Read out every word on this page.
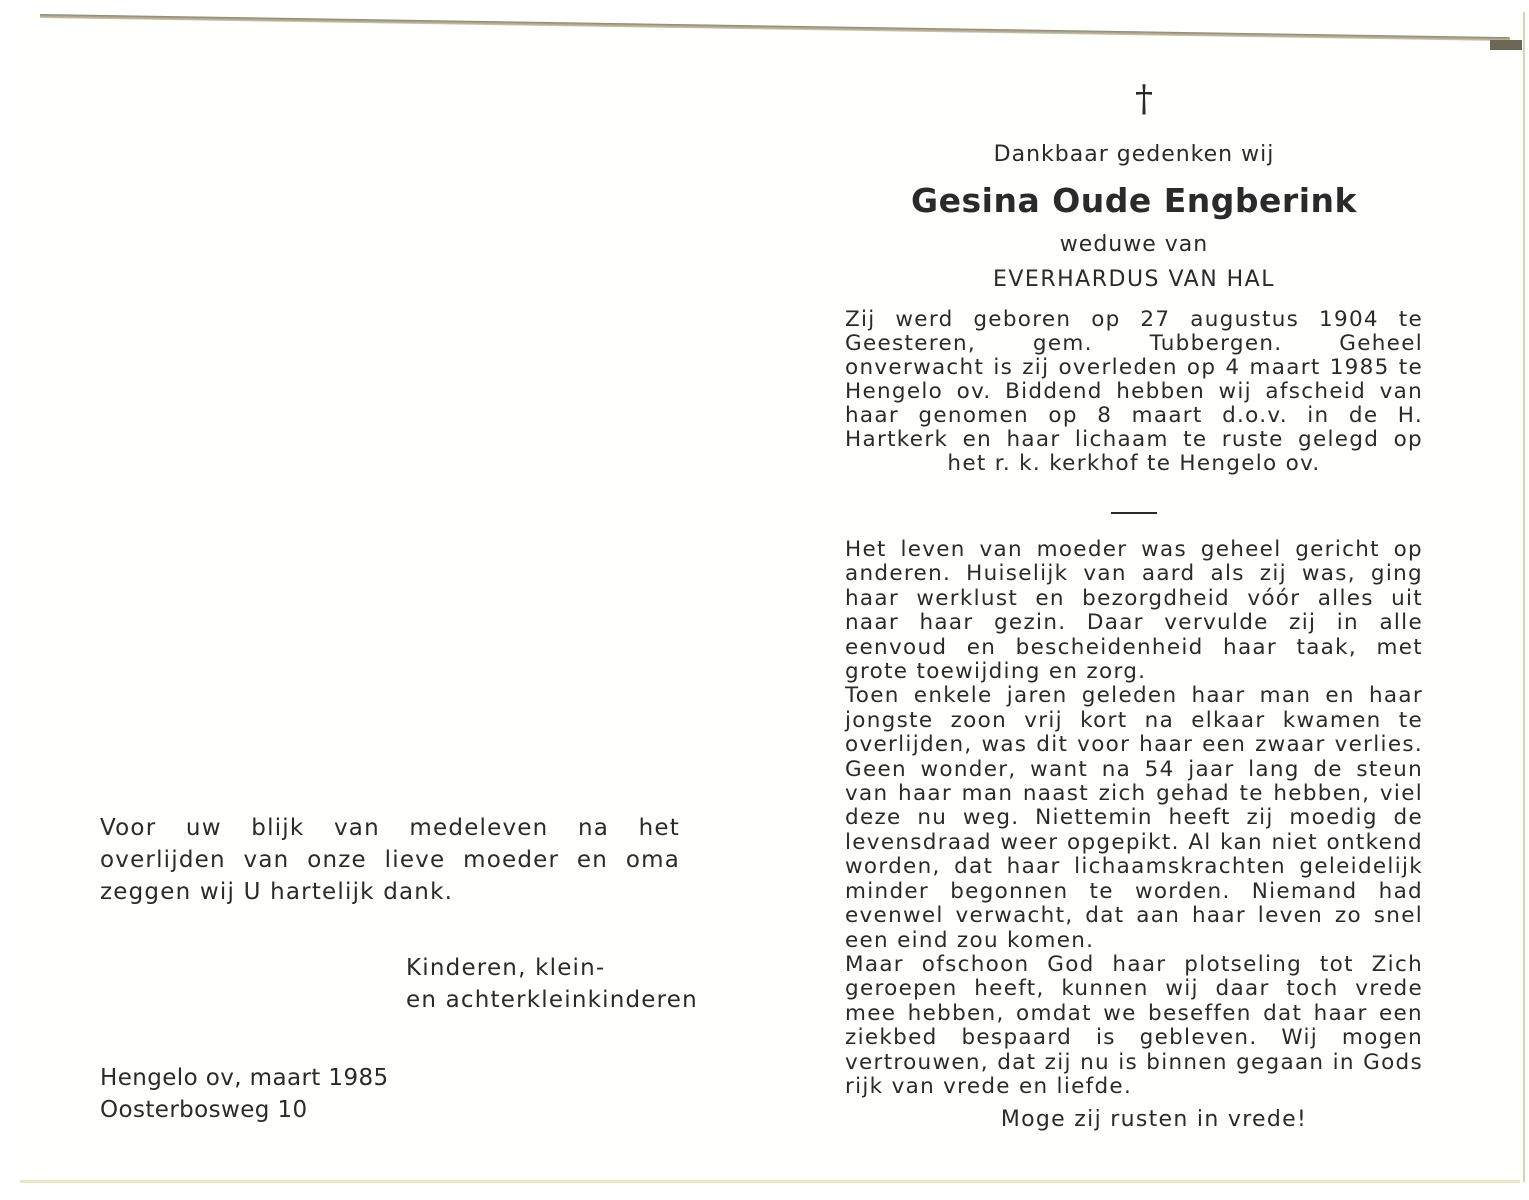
Voor uw blijk van medeleven na het overlijden van onze lieve moeder en oma zeggen wij U hartelijk dank.

Kinderen, klein-
en achterkleinkinderen
Hengelo ov, maart 1985
Oosterbosweg 10
†
Dankbaar gedenken wij
Gesina Oude Engberink
weduwe van
EVERHARDUS VAN HAL
Zij werd geboren op 27 augustus 1904 te Geesteren, gem. Tubbergen. Geheel onverwacht is zij overleden op 4 maart 1985 te Hengelo ov. Biddend hebben wij afscheid van haar genomen op 8 maart d.o.v. in de H. Hartkerk en haar lichaam te ruste gelegd op het r. k. kerkhof te Hengelo ov.

Het leven van moeder was geheel gericht op anderen. Huiselijk van aard als zij was, ging haar werklust en bezorgdheid vóór alles uit naar haar gezin. Daar vervulde zij in alle eenvoud en bescheidenheid haar taak, met grote toewijding en zorg.

Toen enkele jaren geleden haar man en haar jongste zoon vrij kort na elkaar kwamen te overlijden, was dit voor haar een zwaar verlies. Geen wonder, want na 54 jaar lang de steun van haar man naast zich gehad te hebben, viel deze nu weg. Niettemin heeft zij moedig de levensdraad weer opgepikt. Al kan niet ontkend worden, dat haar lichaamskrachten geleidelijk minder begonnen te worden. Niemand had evenwel verwacht, dat aan haar leven zo snel een eind zou komen.

Maar ofschoon God haar plotseling tot Zich geroepen heeft, kunnen wij daar toch vrede mee hebben, omdat we beseffen dat haar een ziekbed bespaard is gebleven. Wij mogen vertrouwen, dat zij nu is binnen gegaan in Gods rijk van vrede en liefde.

Moge zij rusten in vrede!
